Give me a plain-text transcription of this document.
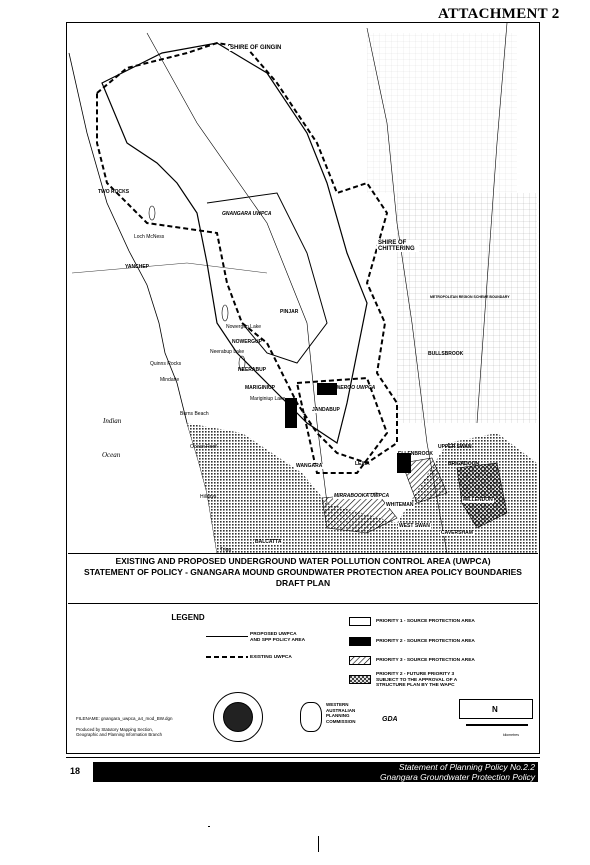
ATTACHMENT 2
SHIRE OF GINGIN
TWO ROCKS
Loch McNess
YANCHEP
GNANGARA UWPCA
SHIRE OF CHITTERING
METROPOLITAN REGION SCHEME BOUNDARY
PINJAR
Nowergup Lake
NOWERGUP
Neerabup Lake
NEERABUP
Quinns Rocks
Mindarie
MARIGINIUP
Mariginiup Lake
WANNEROO UWPCA
BULLSBROOK
JANDABUP
Burns Beach
Indian
Ocean
Ocean Reef
WANGARA	LEXIA
UPPER SWAN
ELLENBROOK
BRIGADOON
Hillarys	MIRRABOOKA UWPCA
WHITEMAN
MILLENDON
WEST SWAN
CAVERSHAM
BALCATTA
Trigg
EXISTING AND PROPOSED UNDERGROUND WATER POLLUTION CONTROL AREA (UWPCA)
STATEMENT OF POLICY - GNANGARA MOUND GROUNDWATER PROTECTION AREA POLICY BOUNDARIES
DRAFT PLAN
LEGEND
PROPOSED UWPCA
AND SPP POLICY AREA
EXISTING UWPCA
PRIORITY 1 - SOURCE PROTECTION AREA
PRIORITY 2 - SOURCE PROTECTION AREA
PRIORITY 3 - SOURCE PROTECTION AREA
PRIORITY 2 - FUTURE PRIORITY 3
SUBJECT TO THE APPROVAL OF A
STRUCTURE PLAN BY THE WAPC
FILENAME: gnangara_uwpca_a4_mod_BW.dgn
Produced by Statutory Mapping Section,
Geographic and Planning Information Branch
WESTERN
AUSTRALIAN
PLANNING
COMMISSION	GDA
N
kilometres
18	Statement of Planning Policy No.2.2
Gnangara Groundwater Protection Policy
